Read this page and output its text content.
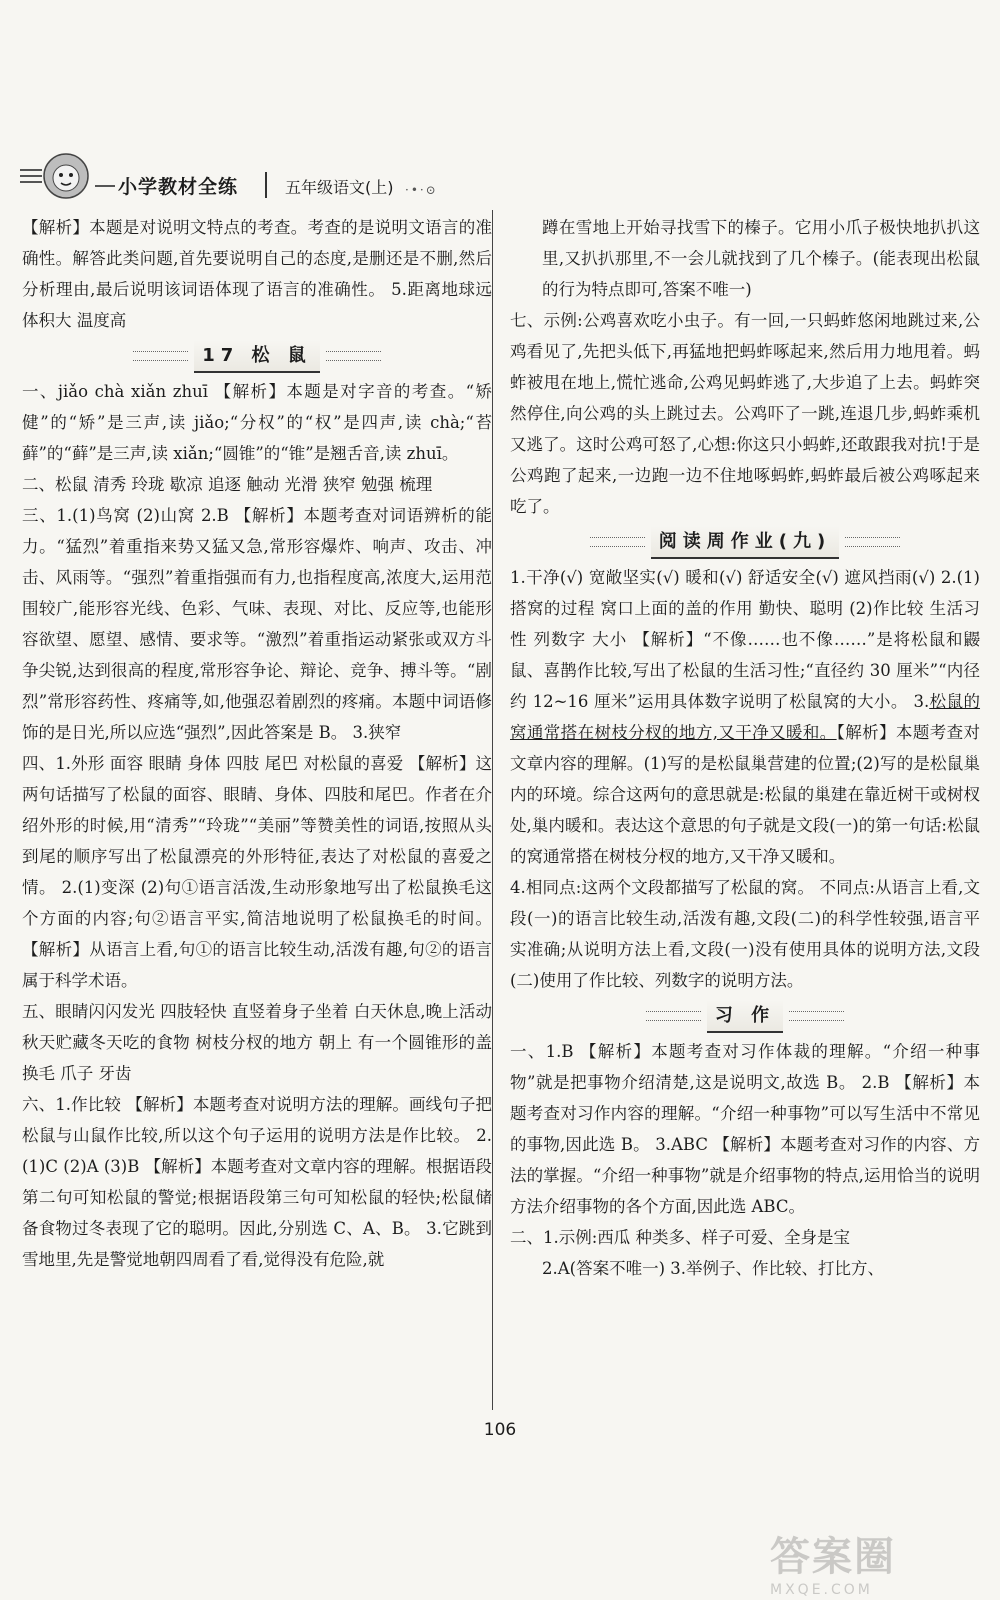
小学教材全练	五年级语文(上) ·•·⊙

【解析】本题是对说明文特点的考查。考查的是说明文语言的准确性。解答此类问题,首先要说明自己的态度,是删还是不删,然后分析理由,最后说明该词语体现了语言的准确性。 5.距离地球远 体积大 温度高

17 松 鼠

一、jiǎo chà xiǎn zhuī 【解析】本题是对字音的考查。“矫健”的“矫”是三声,读 jiǎo;“分权”的“权”是四声,读 chà;“苔藓”的“藓”是三声,读 xiǎn;“圆锥”的“锥”是翘舌音,读 zhuī。

二、松鼠 清秀 玲珑 歇凉 追逐 触动 光滑 狭窄 勉强 梳理

三、1.(1)鸟窝 (2)山窝 2.B 【解析】本题考查对词语辨析的能力。“猛烈”着重指来势又猛又急,常形容爆炸、响声、攻击、冲击、风雨等。“强烈”着重指强而有力,也指程度高,浓度大,运用范围较广,能形容光线、色彩、气味、表现、对比、反应等,也能形容欲望、愿望、感情、要求等。“激烈”着重指运动紧张或双方斗争尖锐,达到很高的程度,常形容争论、辩论、竞争、搏斗等。“剧烈”常形容药性、疼痛等,如,他强忍着剧烈的疼痛。本题中词语修饰的是日光,所以应选“强烈”,因此答案是 B。 3.狭窄

四、1.外形 面容 眼睛 身体 四肢 尾巴 对松鼠的喜爱 【解析】这两句话描写了松鼠的面容、眼睛、身体、四肢和尾巴。作者在介绍外形的时候,用“清秀”“玲珑”“美丽”等赞美性的词语,按照从头到尾的顺序写出了松鼠漂亮的外形特征,表达了对松鼠的喜爱之情。 2.(1)变深 (2)句①语言活泼,生动形象地写出了松鼠换毛这个方面的内容;句②语言平实,简洁地说明了松鼠换毛的时间。 【解析】从语言上看,句①的语言比较生动,活泼有趣,句②的语言属于科学术语。

五、眼睛闪闪发光 四肢轻快 直竖着身子坐着 白天休息,晚上活动 秋天贮藏冬天吃的食物 树枝分杈的地方 朝上 有一个圆锥形的盖 换毛 爪子 牙齿

六、1.作比较 【解析】本题考查对说明方法的理解。画线句子把松鼠与山鼠作比较,所以这个句子运用的说明方法是作比较。 2.(1)C (2)A (3)B 【解析】本题考查对文章内容的理解。根据语段第二句可知松鼠的警觉;根据语段第三句可知松鼠的轻快;松鼠储备食物过冬表现了它的聪明。因此,分别选 C、A、B。 3.它跳到雪地里,先是警觉地朝四周看了看,觉得没有危险,就

蹲在雪地上开始寻找雪下的榛子。它用小爪子极快地扒扒这里,又扒扒那里,不一会儿就找到了几个榛子。(能表现出松鼠的行为特点即可,答案不唯一)

七、示例:公鸡喜欢吃小虫子。有一回,一只蚂蚱悠闲地跳过来,公鸡看见了,先把头低下,再猛地把蚂蚱啄起来,然后用力地甩着。蚂蚱被甩在地上,慌忙逃命,公鸡见蚂蚱逃了,大步追了上去。蚂蚱突然停住,向公鸡的头上跳过去。公鸡吓了一跳,连退几步,蚂蚱乘机又逃了。这时公鸡可怒了,心想:你这只小蚂蚱,还敢跟我对抗!于是公鸡跑了起来,一边跑一边不住地啄蚂蚱,蚂蚱最后被公鸡啄起来吃了。

阅读周作业(九)

1.干净(√) 宽敞坚实(√) 暖和(√) 舒适安全(√) 遮风挡雨(√) 2.(1)搭窝的过程 窝口上面的盖的作用 勤快、聪明 (2)作比较 生活习性 列数字 大小 【解析】“不像……也不像……”是将松鼠和鼹鼠、喜鹊作比较,写出了松鼠的生活习性;“直径约 30 厘米”“内径约 12~16 厘米”运用具体数字说明了松鼠窝的大小。 3.松鼠的窝通常搭在树枝分杈的地方,又干净又暖和。【解析】本题考查对文章内容的理解。(1)写的是松鼠巢营建的位置;(2)写的是松鼠巢内的环境。综合这两句的意思就是:松鼠的巢建在靠近树干或树杈处,巢内暖和。表达这个意思的句子就是文段(一)的第一句话:松鼠的窝通常搭在树枝分杈的地方,又干净又暖和。

4.相同点:这两个文段都描写了松鼠的窝。 不同点:从语言上看,文段(一)的语言比较生动,活泼有趣,文段(二)的科学性较强,语言平实准确;从说明方法上看,文段(一)没有使用具体的说明方法,文段(二)使用了作比较、列数字的说明方法。

习 作

一、1.B 【解析】本题考查对习作体裁的理解。“介绍一种事物”就是把事物介绍清楚,这是说明文,故选 B。 2.B 【解析】本题考查对习作内容的理解。“介绍一种事物”可以写生活中不常见的事物,因此选 B。 3.ABC 【解析】本题考查对习作的内容、方法的掌握。“介绍一种事物”就是介绍事物的特点,运用恰当的说明方法介绍事物的各个方面,因此选 ABC。

二、1.示例:西瓜 种类多、样子可爱、全身是宝

2.A(答案不唯一) 3.举例子、作比较、打比方、

106
答案圈
MXQE.COM
